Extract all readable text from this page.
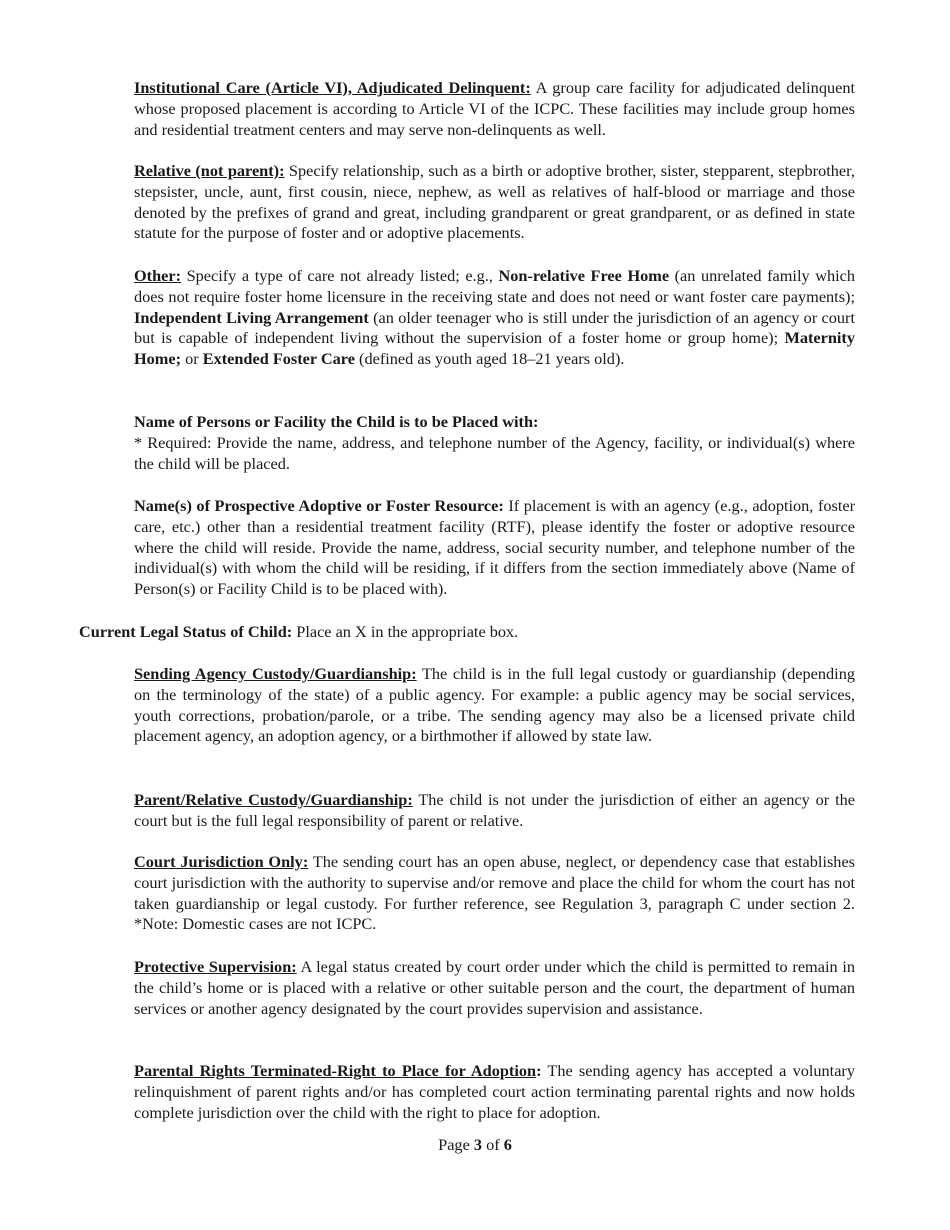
Institutional Care (Article VI), Adjudicated Delinquent: A group care facility for adjudicated delinquent whose proposed placement is according to Article VI of the ICPC. These facilities may include group homes and residential treatment centers and may serve non-delinquents as well.

Relative (not parent): Specify relationship, such as a birth or adoptive brother, sister, stepparent, stepbrother, stepsister, uncle, aunt, first cousin, niece, nephew, as well as relatives of half-blood or marriage and those denoted by the prefixes of grand and great, including grandparent or great grandparent, or as defined in state statute for the purpose of foster and or adoptive placements.

Other: Specify a type of care not already listed; e.g., Non-relative Free Home (an unrelated family which does not require foster home licensure in the receiving state and does not need or want foster care payments); Independent Living Arrangement (an older teenager who is still under the jurisdiction of an agency or court but is capable of independent living without the supervision of a foster home or group home); Maternity Home; or Extended Foster Care (defined as youth aged 18–21 years old).

Name of Persons or Facility the Child is to be Placed with:

* Required: Provide the name, address, and telephone number of the Agency, facility, or individual(s) where the child will be placed.

Name(s) of Prospective Adoptive or Foster Resource: If placement is with an agency (e.g., adoption, foster care, etc.) other than a residential treatment facility (RTF), please identify the foster or adoptive resource where the child will reside. Provide the name, address, social security number, and telephone number of the individual(s) with whom the child will be residing, if it differs from the section immediately above (Name of Person(s) or Facility Child is to be placed with).

Current Legal Status of Child: Place an X in the appropriate box.

Sending Agency Custody/Guardianship: The child is in the full legal custody or guardianship (depending on the terminology of the state) of a public agency. For example: a public agency may be social services, youth corrections, probation/parole, or a tribe. The sending agency may also be a licensed private child placement agency, an adoption agency, or a birthmother if allowed by state law.

Parent/Relative Custody/Guardianship: The child is not under the jurisdiction of either an agency or the court but is the full legal responsibility of parent or relative.

Court Jurisdiction Only: The sending court has an open abuse, neglect, or dependency case that establishes court jurisdiction with the authority to supervise and/or remove and place the child for whom the court has not taken guardianship or legal custody. For further reference, see Regulation 3, paragraph C under section 2. *Note: Domestic cases are not ICPC.

Protective Supervision: A legal status created by court order under which the child is permitted to remain in the child’s home or is placed with a relative or other suitable person and the court, the department of human services or another agency designated by the court provides supervision and assistance.

Parental Rights Terminated-Right to Place for Adoption: The sending agency has accepted a voluntary relinquishment of parent rights and/or has completed court action terminating parental rights and now holds complete jurisdiction over the child with the right to place for adoption.

Page 3 of 6
